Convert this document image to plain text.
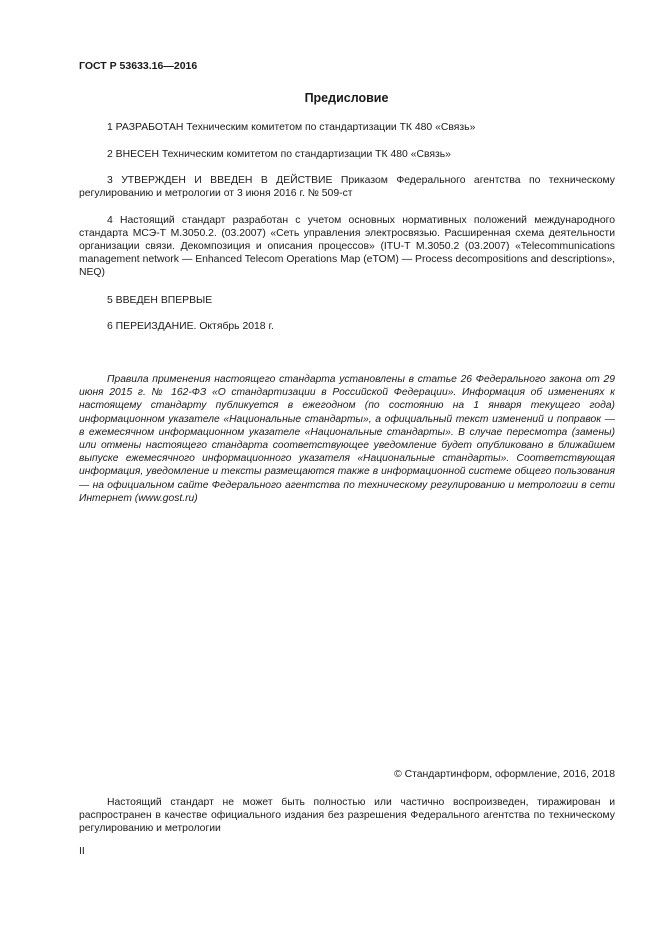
ГОСТ Р 53633.16—2016
Предисловие

1 РАЗРАБОТАН Техническим комитетом по стандартизации ТК 480 «Связь»

2 ВНЕСЕН Техническим комитетом по стандартизации ТК 480 «Связь»

3 УТВЕРЖДЕН И ВВЕДЕН В ДЕЙСТВИЕ Приказом Федерального агентства по техническому регулированию и метрологии от 3 июня 2016 г. № 509-ст

4 Настоящий стандарт разработан с учетом основных нормативных положений международного стандарта МСЭ-Т М.3050.2. (03.2007) «Сеть управления электросвязью. Расширенная схема деятельности организации связи. Декомпозиция и описания процессов» (ITU-T M.3050.2 (03.2007) «Telecommunications management network — Enhanced Telecom Operations Map (eTOM) — Process decompositions and descriptions», NEQ)

5 ВВЕДЕН ВПЕРВЫЕ

6 ПЕРЕИЗДАНИЕ. Октябрь 2018 г.

Правила применения настоящего стандарта установлены в статье 26 Федерального закона от 29 июня 2015 г. № 162-ФЗ «О стандартизации в Российской Федерации». Информация об изменениях к настоящему стандарту публикуется в ежегодном (по состоянию на 1 января текущего года) информационном указателе «Национальные стандарты», а официальный текст изменений и поправок — в ежемесячном информационном указателе «Национальные стандарты». В случае пересмотра (замены) или отмены настоящего стандарта соответствующее уведомление будет опубликовано в ближайшем выпуске ежемесячного информационного указателя «Национальные стандарты». Соответствующая информация, уведомление и тексты размещаются также в информационной системе общего пользования — на официальном сайте Федерального агентства по техническому регулированию и метрологии в сети Интернет (www.gost.ru)

© Стандартинформ, оформление, 2016, 2018

Настоящий стандарт не может быть полностью или частично воспроизведен, тиражирован и распространен в качестве официального издания без разрешения Федерального агентства по техническому регулированию и метрологии

II
